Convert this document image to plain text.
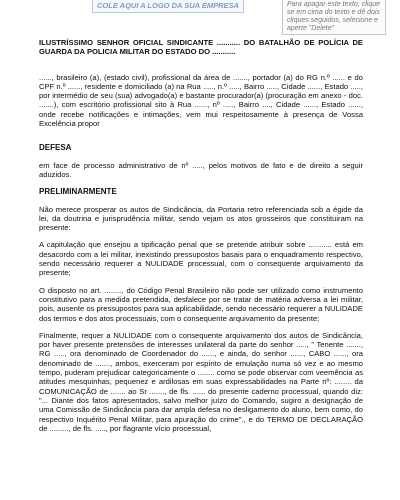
COLE AQUI A LOGO DA SUA EMPRESA	Para apagar este texto, clique se em cima do texto e dê dois cliques seguidos, selecione e aperte "Delete"

ILUSTRÍSSIMO SENHOR OFICIAL SINDICANTE ........... DO BATALHÃO DE POLÍCIA DE GUARDA DA POLICIA MILITAR DO ESTADO DO ...........

......, brasileiro (a), (estado civil), profissional da área de ......., portador (a) do RG n.º ...... e do CPF n.º ......, residente e domiciliado (a) na Rua ....., n.º ....., Bairro ....., Cidade ......, Estado ....., por intermédio de seu (sua) advogado(a) e bastante procurador(a) (procuração em anexo - doc. .......), com escritório profissional sito à Rua ......, nº ....., Bairro ...., Cidade ......, Estado ......, onde recebe notificações e intimações, vem mui respeitosamente à presença de Vossa Excelência propor

DEFESA

em face de processo administrativo de nº ....., pelos motivos de fato e de direito a seguir aduzidos.

PRELIMINARMENTE

Não merece prosperar os autos de Sindicância, da Portaria retro referenciada sob a égide da lei, da doutrina e jurisprudência militar, sendo vejam os atos grosseiros que constituiram na presente:

A capitulação que ensejou a tipificação penal que se pretende atribuir sobre ........... está em desacordo com a lei militar, inexistindo pressupostos basais para o enquadramento respectivo, sendo necessário requerer a NULIDADE processual, com o consequente arquivamento da presente;

O disposto no art. ........, do Código Penal Brasileiro não pode ser utilizado como instrumento constitutivo para a medida pretendida, desfalece por se tratar de matéria adversa a lei militar, pois, ausente os pressupostos para sua aplicabilidade, sendo necessário requerer a NULIDADE dos termos e dos atos processuais, com o consequente arquivamento da presente;

Finalmente, requer a NULIDADE com o consequente arquivamento dos autos de Sindicância, por haver presente pretensões de interesses unilateral da parte do senhor ....., " Tenente ......., RG ....., ora denominado de Coordenador do ......, e ainda, do senhor ......, CABO ......, ora denominado de ......., ambos, exerceram por espírito de emulação numa só vez e ao mesmo tempo, puderam prejudicar categoricamente o ........ como se pode observar com veemência as atitudes mesquinhas, pequenez e ardilosas em suas expressabilidades na Parte nº: ........ da COMUNICAÇÃO de ....... ao Sr ......., de fls. ...... do presente caderno processual, quando diz: "... Diante dos fatos apresentados, salvo melhor juízo do Comando, sugiro a designação de uma Comissão de Sindicância para dar ampla defesa no desligamento do aluno, bem como, do respectivo Inquérito Penal Militar, para apuração do crime"., e do TERMO DE DECLARAÇÃO de ........., de fls. ....., por flagrante vício processual,
